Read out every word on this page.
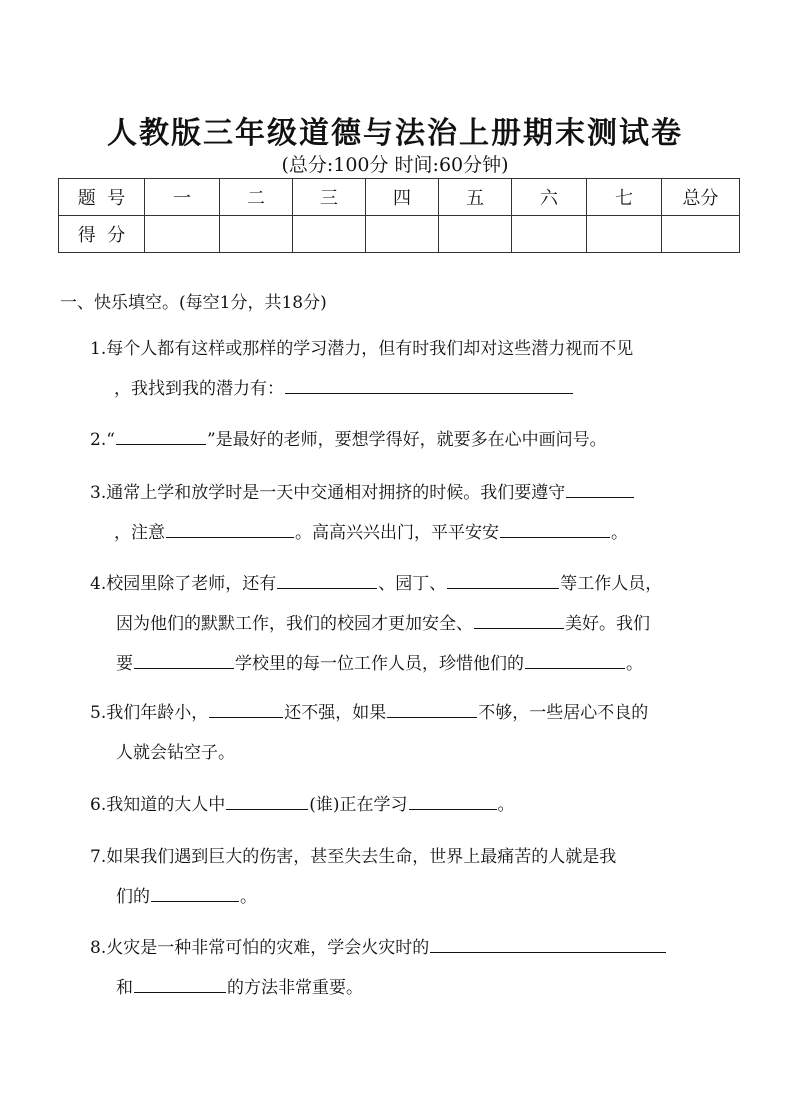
人教版三年级道德与法治上册期末测试卷
(总分:100分 时间:60分钟)
题  号	一	二	三	四	五	六	七	总分
得  分								
一、快乐填空。(每空1分，共18分)
1.每个人都有这样或那样的学习潜力，但有时我们却对这些潜力视而不见
，我找到我的潜力有：
2.“	”是最好的老师，要想学得好，就要多在心中画问号。
3.通常上学和放学时是一天中交通相对拥挤的时候。我们要遵守
，注意	。高高兴兴出门，平平安安	。
4.校园里除了老师，还有	、园丁、	等工作人员，
因为他们的默默工作，我们的校园才更加安全、	美好。我们
要	学校里的每一位工作人员，珍惜他们的	。
5.我们年龄小，	还不强，如果	不够，一些居心不良的
人就会钻空子。
6.我知道的大人中	(谁)正在学习	。
7.如果我们遇到巨大的伤害，甚至失去生命，世界上最痛苦的人就是我
们的	。
8.火灾是一种非常可怕的灾难，学会火灾时的
和	的方法非常重要。
